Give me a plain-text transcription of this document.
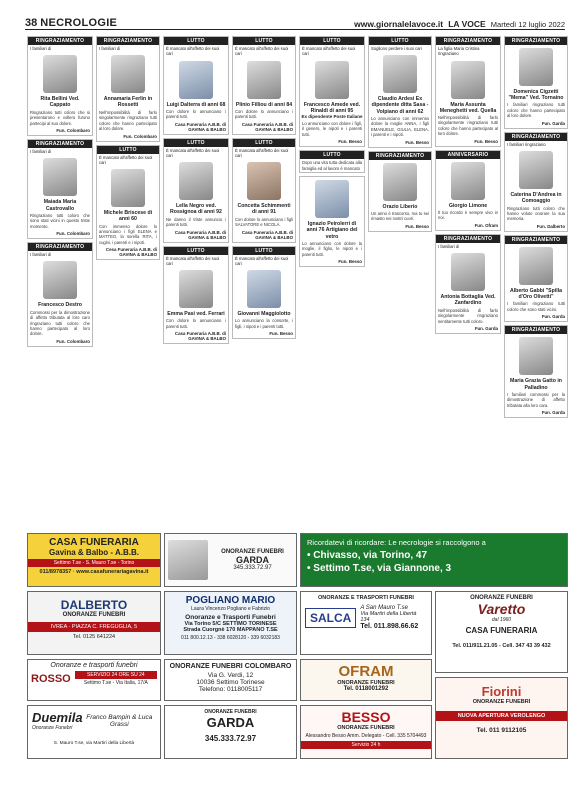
38 NECROLOGIE	www.giornalelavoce.it LA VOCE Martedì 12 luglio 2022
RINGRAZIAMENTO
I familiari di
Rita Bellini Ved. Cappato
Ringraziano tutti coloro che si presentarono e vollero furono partecipi al suo dolore.
Fun. Colombaro
RINGRAZIAMENTO
I familiari di
Maiada Maria Castrovallo
Ringraziano tutti coloro che sono stati vicini in questo triste momento.
Fun. Colombaro
RINGRAZIAMENTO
I familiari di
Francesco Destro
Commossi per la dimostrazione di affetto tributata al loro caro ringraziano tutti coloro che hanno partecipato al loro dolore.
Fun. Colombaro
RINGRAZIAMENTO
I familiari di
Annamaria Ferlin in Rossetti
Nell'impossibilità di farlo singolarmente ringraziano tutti coloro che hanno partecipato al loro dolore.
Fun. Colombaro
LUTTO
È mancato all'affetto dei suoi cari
Michele Briscese di anni 60
Con immenso dolore lo annunciano i figli ELENA e MATTEO, la sorella RITA, i cugini, i parenti e i nipoti.
Cesa Funeraria A.B.B. di GAVINA & BALBO
LUTTO
È mancato all'affetto dei suoi cari
Luigi Dalterra di anni 68
Con dolore lo annunciano i parenti tutti.
Casa Funeraria A.B.B. di GAVINA & BALBO
LUTTO
È mancata all'affetto dei suoi cari
Lella Negro ved. Rossignoa di anni 92
Ne danno il triste annuncio i parenti tutti.
Casa Funeraria A.B.B. di GAVINA & BALBO
LUTTO
È mancata all'affetto dei suoi cari
Emma Pasi ved. Ferrari
Con dolore lo annunciano i parenti tutti.
Casa Funeraria A.B.B. di GAVINA & BALBO
LUTTO
È mancato all'affetto dei suoi cari
Plinio Filliou di anni 84
Con dolore lo annunciano i parenti tutti.
Casa Funeraria A.B.B. di GAVINA & BALBO
LUTTO
È mancata all'affetto dei suoi cari
Concetta Schimmenti di anni 91
Con dolore lo annunciano i figli SALVATORE e NICOLA.
Casa Funeraria A.B.B. di GAVINA & BALBO
LUTTO
È mancato all'affetto dei suoi cari
Giovanni Maggiolotto
Lo annunciano la consorte, i figli, i nipoti e i parenti tutti.
Fun. Besso
LUTTO
È mancato all'affetto dei suoi cari
Francesco Amede ved. Rinaldi di anni 95
Ex dipendente Poste Italiane
Lo annunciano con dolore i figli, il genero, le nipoti e i parenti tutti.
Fun. Besso
LUTTO
Dopo una vita tutta dedicata alla famiglia ed al lavoro è mancato
Ignazio Peirolerri di anni 76 Artigiano del vetro
Lo annunciano con dolore la moglie, il figlio, le nipoti e i parenti tutti.
Fun. Besso
LUTTO
Sogliono perdere i suoi cari
Claudio Ardesi Ex dipendente ditta Sasa - Volpiano di anni 62
Lo annunciano con immenso dolore la moglie ANNA, i figli EMANUELE, GIULIA, ELENA, i parenti e i nipoti.
Fun. Besso
RINGRAZIAMENTO
Orazio Liberio
Un anno è trascorso, ma tu sei rimasto nei nostri cuori.
Fun. Besso
RINGRAZIAMENTO
La figlia Maria Cristina ringraziano
Maria Assunta Meneghetti ved. Quella
Nell'impossibilità di farlo singolarmente ringraziano tutti coloro che hanno partecipato al loro dolore.
Fun. Besso
ANNIVERSARIO
Giorgio Limone
Il tuo ricordo è sempre vivo in noi.
Fun. Ofram
RINGRAZIAMENTO
I familiari di
Antonia Bottaglia Ved. Zanfardino
Nell'impossibilità di farlo singolarmente ringraziano sentitamente tutti coloro.
Fun. Garda
RINGRAZIAMENTO
Domenica Cigzetti "Mema" Ved. Tornaino
I familiari ringraziano tutti coloro che hanno partecipato al loro dolore.
Fun. Garda
RINGRAZIAMENTO
I familiari ringraziano
Caterina D'Andrea in Comoaggio
Ringraziano tutti coloro che hanno voluto onorare la sua memoria.
Fun. Dalberto
RINGRAZIAMENTO
Alberto Gabbi "Spilla d'Oro Olivetti"
I familiari ringraziano tutti coloro che sono stati vicini.
Fun. Garda
RINGRAZIAMENTO
Maria Grazia Gatto in Palladino
I familiari commossi per la dimostrazione di affetto tributata alla loro cara.
Fun. Garda
CASA FUNERARIA
Gavina & Balbo - A.B.B.
Settimo T.se - S. Mauro T.se - Torino
011/8978357 · www.casafunerariagavina.it
ONORANZE FUNEBRI
GARDA
345.333.72.97
Ricordatevi di ricordare: Le necrologie si raccolgono a
• Chivasso, via Torino, 47
• Settimo T.se, via Giannone, 3
DALBERTO
ONORANZE FUNEBRI
IVREA · PIAZZA C. FREGUGLIA, 5
Tel. 0125 641224
POGLIANO MARIO
Laura Vincenzo Pogliano e Fabrizio
Onoranze e Trasporti Funebri
Via Torino 5/C SETTIMO TORINESE
Strada Cuorgnè 170 MAPPANO T.SE
011 800.12.13 - 338 6028120 - 339 6032183
ONORANZE E TRASPORTI FUNEBRI
SALCA
A San Mauro T.se
Via Martiri della Libertà 134
Tel. 011.898.66.62
ONORANZE FUNEBRI
Varetto
dal 1960
CASA FUNERARIA
Tel. 011/911.21.05 - Cell. 347 43 39 432
Onoranze e trasporti funebri
ROSSO	SERVIZIO 24 ORE SU 24
Settimo T.se - Via Italia, 17/A
ONORANZE FUNEBRI COLOMBARO
Via G. Verdi, 12
10036 Settimo Torinese
Telefono: 0118005117
OFRAM
ONORANZE FUNEBRI
Tel. 0118001292
Duemila
Onoranze Funebri
Franco Bampin & Luca Grassi
S. Mauro T.se, via Martiri della Libertà
ONORANZE FUNEBRI
GARDA
345.333.72.97
BESSO
ONORANZE FUNEBRI
Alessandro Besso Amm. Delegato - Cell. 335 5704493
Servizio 24 h
Fiorini
ONORANZE FUNEBRI
NUOVA APERTURA VEROLENGO
Tel. 011 9112105
